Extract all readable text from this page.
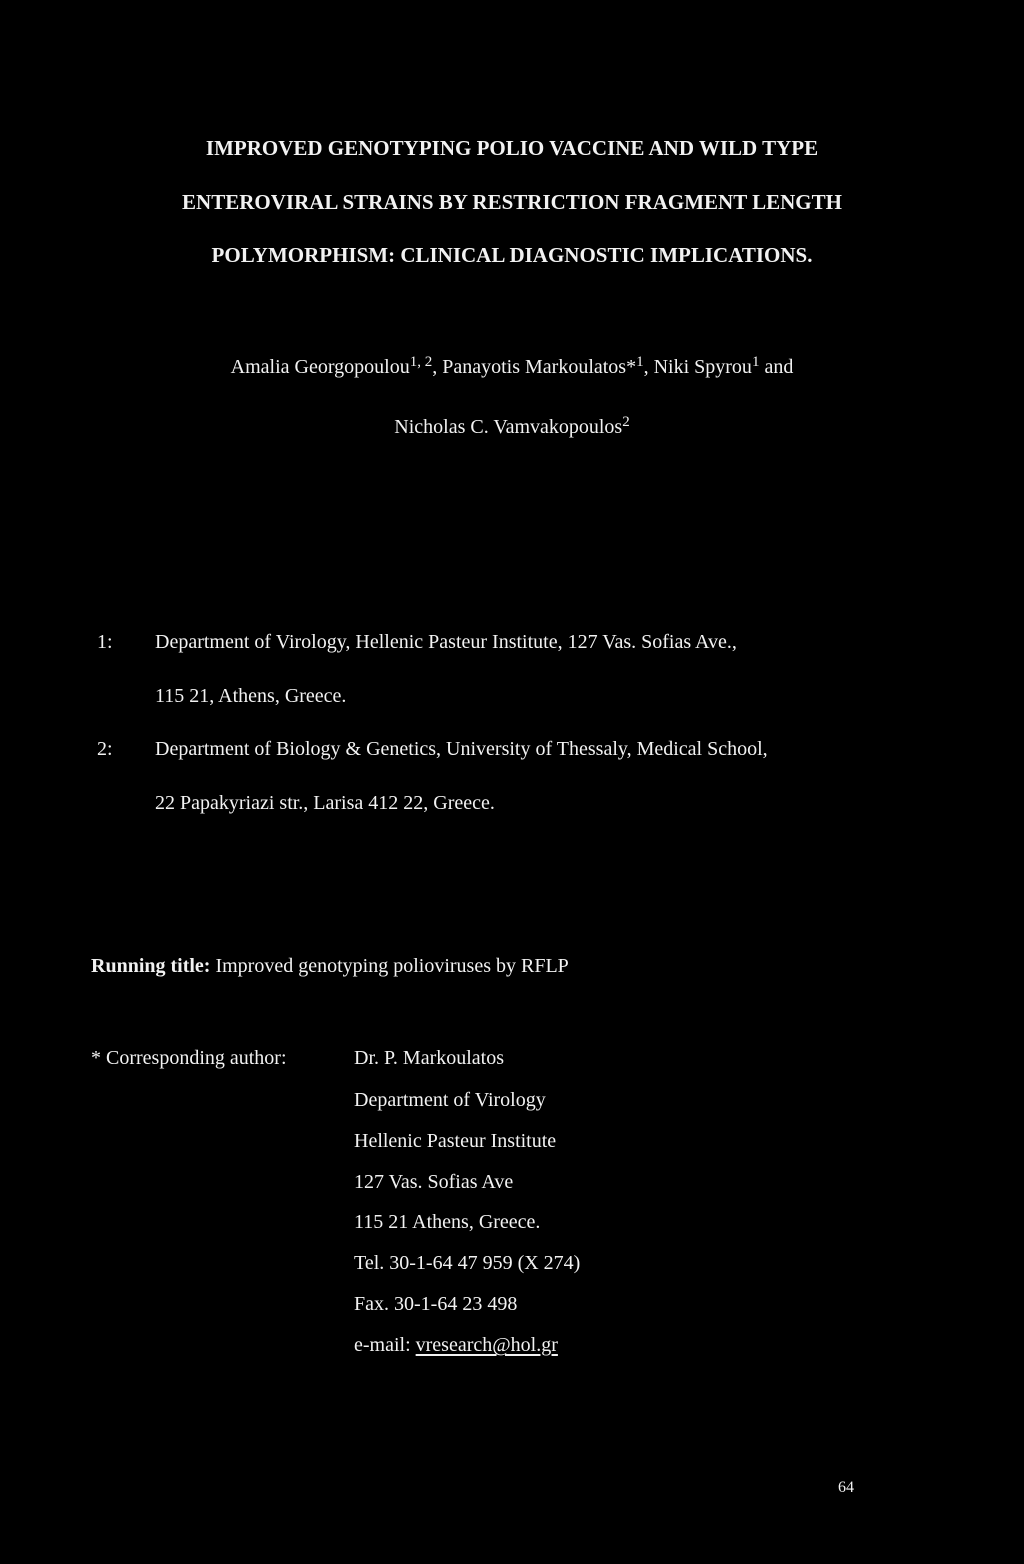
IMPROVED GENOTYPING POLIO VACCINE AND WILD TYPE
ENTEROVIRAL STRAINS BY RESTRICTION FRAGMENT LENGTH
POLYMORPHISM: CLINICAL DIAGNOSTIC IMPLICATIONS.
Amalia Georgopoulou$^{1, 2}$, Panayotis Markoulatos*$^1$, Niki Spyrou$^1$ and
Nicholas C. Vamvakopoulos$^2$
1: Department of Virology, Hellenic Pasteur Institute, 127 Vas. Sofias Ave.,
115 21, Athens, Greece.
2: Department of Biology & Genetics, University of Thessaly, Medical School,
22 Papakyriazi str., Larisa 412 22, Greece.
Running title: Improved genotyping polioviruses by RFLP
* Corresponding author:	Dr. P. Markoulatos
Department of Virology
Hellenic Pasteur Institute
127 Vas. Sofias Ave
115 21 Athens, Greece.
Tel. 30-1-64 47 959 (X 274)
Fax. 30-1-64 23 498
e-mail: vresearch@hol.gr
64
